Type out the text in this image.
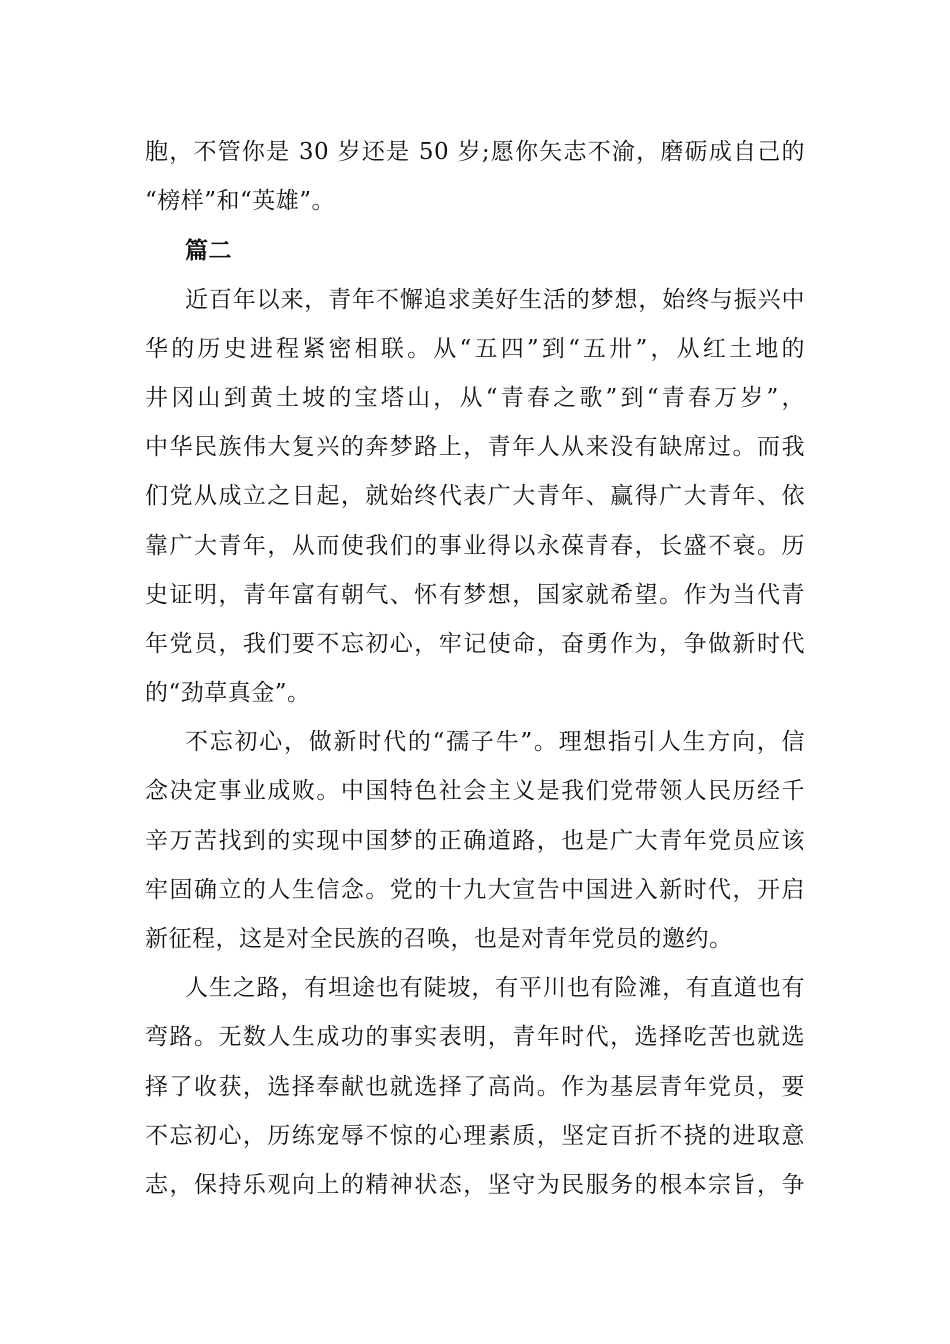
胞，不管你是 30 岁还是 50 岁;愿你矢志不渝，磨砺成自己的
“榜样”和“英雄”。
篇二
近百年以来，青年不懈追求美好生活的梦想，始终与振兴中
华的历史进程紧密相联。从“五四”到“五卅”，从红土地的
井冈山到黄土坡的宝塔山，从“青春之歌”到“青春万岁”，
中华民族伟大复兴的奔梦路上，青年人从来没有缺席过。而我
们党从成立之日起，就始终代表广大青年、赢得广大青年、依
靠广大青年，从而使我们的事业得以永葆青春，长盛不衰。历
史证明，青年富有朝气、怀有梦想，国家就希望。作为当代青
年党员，我们要不忘初心，牢记使命，奋勇作为，争做新时代
的“劲草真金”。
不忘初心，做新时代的“孺子牛”。理想指引人生方向，信
念决定事业成败。中国特色社会主义是我们党带领人民历经千
辛万苦找到的实现中国梦的正确道路，也是广大青年党员应该
牢固确立的人生信念。党的十九大宣告中国进入新时代，开启
新征程，这是对全民族的召唤，也是对青年党员的邀约。
人生之路，有坦途也有陡坡，有平川也有险滩，有直道也有
弯路。无数人生成功的事实表明，青年时代，选择吃苦也就选
择了收获，选择奉献也就选择了高尚。作为基层青年党员，要
不忘初心，历练宠辱不惊的心理素质，坚定百折不挠的进取意
志，保持乐观向上的精神状态，坚守为民服务的根本宗旨，争
